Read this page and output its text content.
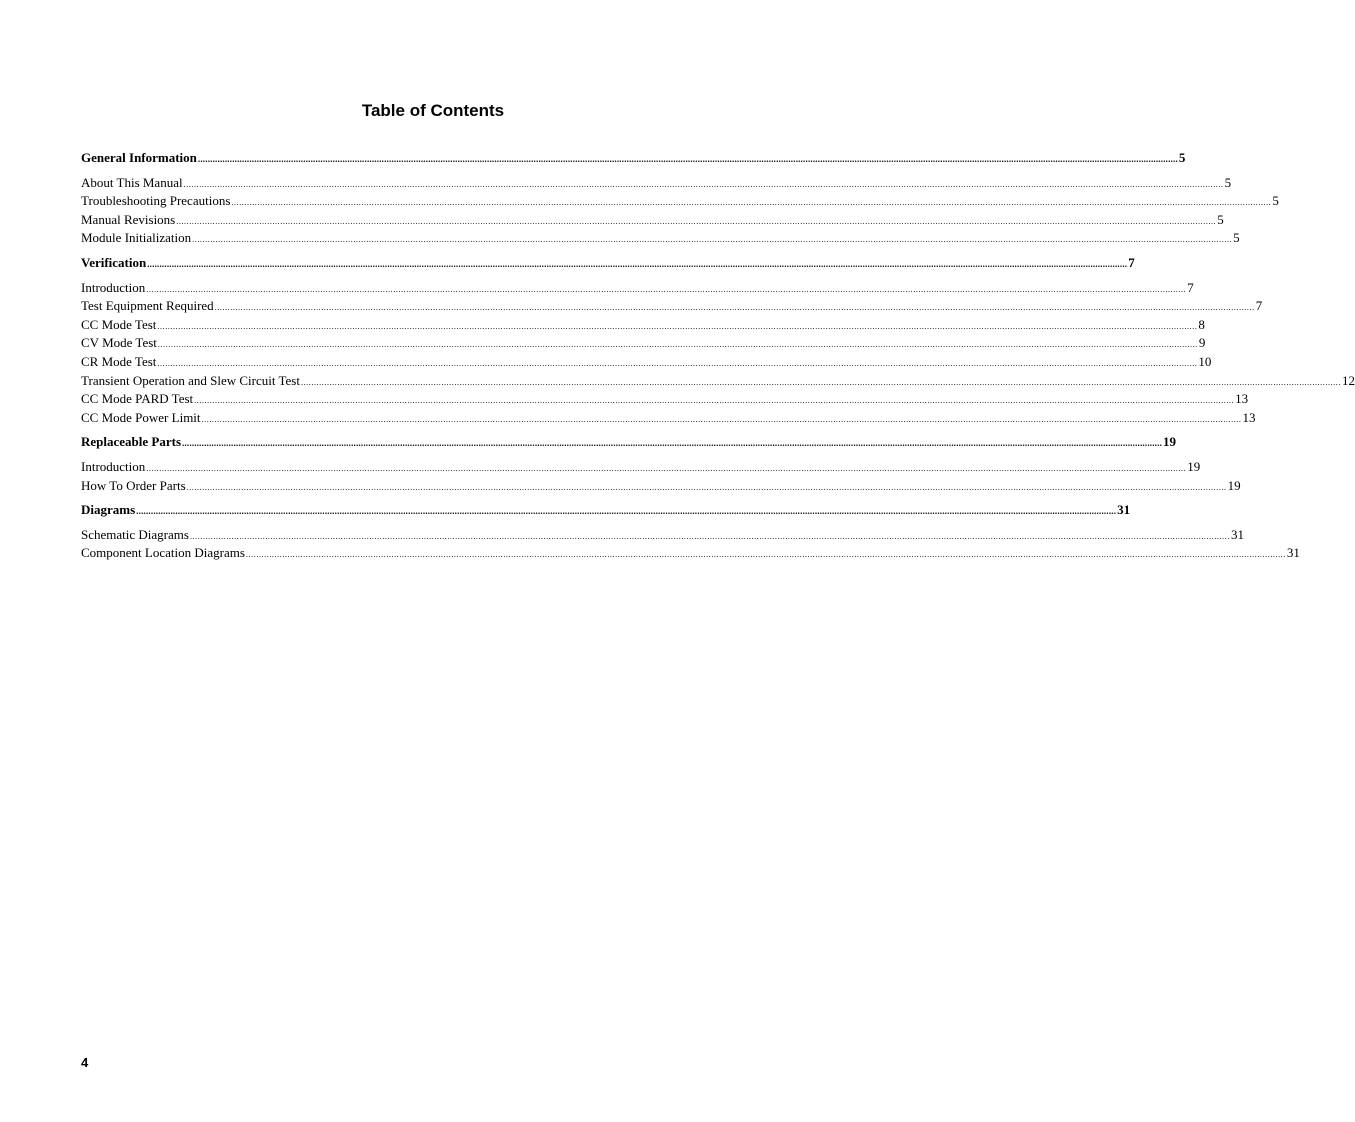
Table of Contents
General Information ................................................................................................................................................................................................................................................................................................................................................................................................................ 5
About This Manual ................................................................................................................................................................................................................................................................................................................................................................................................................ 5
Troubleshooting Precautions ................................................................................................................................................................................................................................................................................................................................................................................................................ 5
Manual Revisions ................................................................................................................................................................................................................................................................................................................................................................................................................ 5
Module Initialization ................................................................................................................................................................................................................................................................................................................................................................................................................ 5
Verification ................................................................................................................................................................................................................................................................................................................................................................................................................ 7
Introduction ................................................................................................................................................................................................................................................................................................................................................................................................................ 7
Test Equipment Required ................................................................................................................................................................................................................................................................................................................................................................................................................ 7
CC Mode Test ................................................................................................................................................................................................................................................................................................................................................................................................................ 8
CV Mode Test ................................................................................................................................................................................................................................................................................................................................................................................................................ 9
CR Mode Test ................................................................................................................................................................................................................................................................................................................................................................................................................ 10
Transient Operation and Slew Circuit Test ................................................................................................................................................................................................................................................................................................................................................................................................................ 12
CC Mode PARD Test ................................................................................................................................................................................................................................................................................................................................................................................................................ 13
CC Mode Power Limit ................................................................................................................................................................................................................................................................................................................................................................................................................ 13
Replaceable Parts ................................................................................................................................................................................................................................................................................................................................................................................................................ 19
Introduction ................................................................................................................................................................................................................................................................................................................................................................................................................ 19
How To Order Parts ................................................................................................................................................................................................................................................................................................................................................................................................................ 19
Diagrams ................................................................................................................................................................................................................................................................................................................................................................................................................ 31
Schematic Diagrams ................................................................................................................................................................................................................................................................................................................................................................................................................ 31
Component Location Diagrams ................................................................................................................................................................................................................................................................................................................................................................................................................ 31
4
